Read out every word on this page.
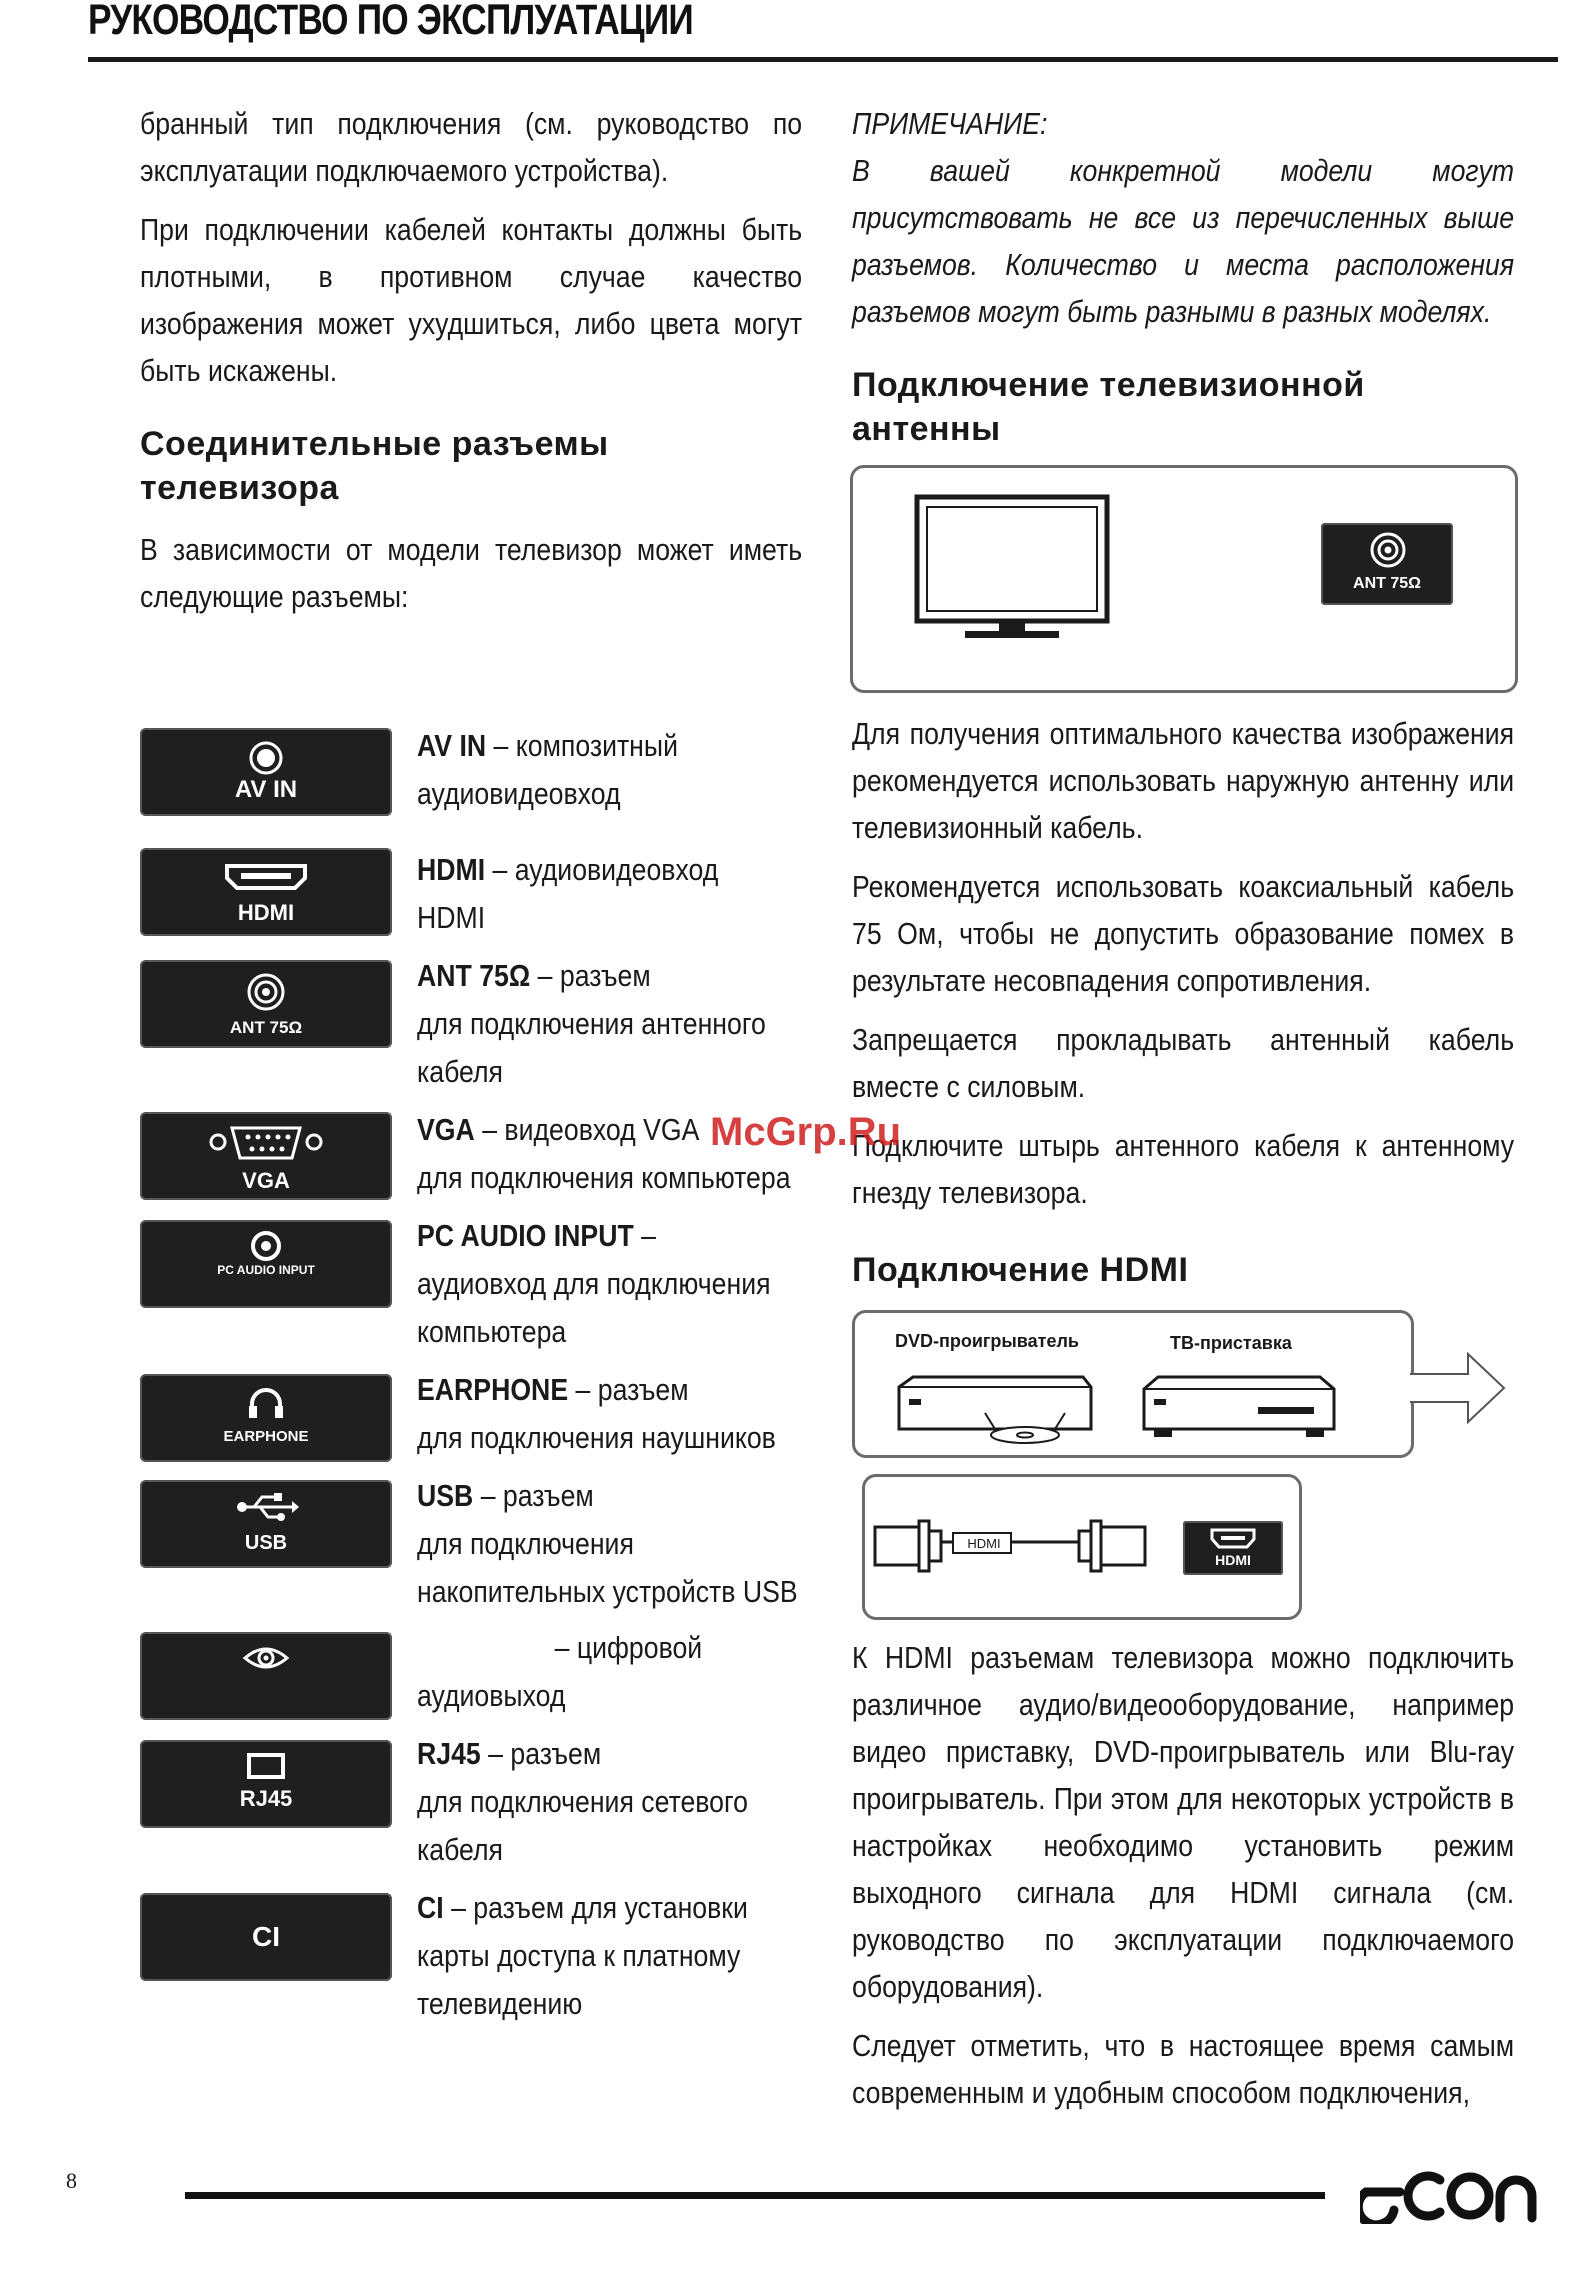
РУКОВОДСТВО ПО ЭКСПЛУАТАЦИИ

бранный тип подключения (см. руководство по эксплуатации подключаемого устройства).

При подключении кабелей контакты должны быть плотными, в противном случае качество изображения может ухудшиться, либо цвета могут быть искажены.

Соединительные разъемы телевизора

В зависимости от модели телевизор может иметь следующие разъемы:

AV IN
AV IN – композитный
аудиовидеовход
HDMI
HDMI – аудиовидеовход
HDMI
ANT 75Ω
ANT 75Ω – разъем
для подключения антенного
кабеля
VGA
VGA – видеовход VGA
для подключения компьютера
PC AUDIO INPUT
PC AUDIO INPUT –
аудиовход для подключения
компьютера
EARPHONE
EARPHONE – разъем
для подключения наушников
USB
USB – разъем
для подключения
накопительных устройств USB
– цифровой
аудиовыход
RJ45
RJ45 – разъем
для подключения сетевого
кабеля
CI
CI – разъем для установки
карты доступа к платному
телевидению

ПРИМЕЧАНИЕ:

В вашей конкретной модели могут присутствовать не все из перечисленных выше разъемов. Количество и места расположения разъемов могут быть разными в разных моделях.

Подключение телевизионной антенны
ANT 75Ω

Для получения оптимального качества изображения рекомендуется использовать наружную антенну или телевизионный кабель.

Рекомендуется использовать коаксиальный кабель 75 Ом, чтобы не допустить образование помех в результате несовпадения сопротивления.

Запрещается прокладывать антенный кабель вместе с силовым.

Подключите штырь антенного кабеля к антенному гнезду телевизора.

Подключение HDMI
DVD-проигрыватель	ТВ-приставка
HDMI
HDMI

К HDMI разъемам телевизора можно подключить различное аудио/видеооборудование, например видео приставку, DVD-проигрыватель или Blu-ray проигрыватель. При этом для некоторых устройств в настройках необходимо установить режим выходного сигнала для HDMI сигнала (см. руководство по эксплуатации подключаемого оборудования).

Следует отметить, что в настоящее время самым современным и удобным способом подключения,

McGrp.Ru
8
